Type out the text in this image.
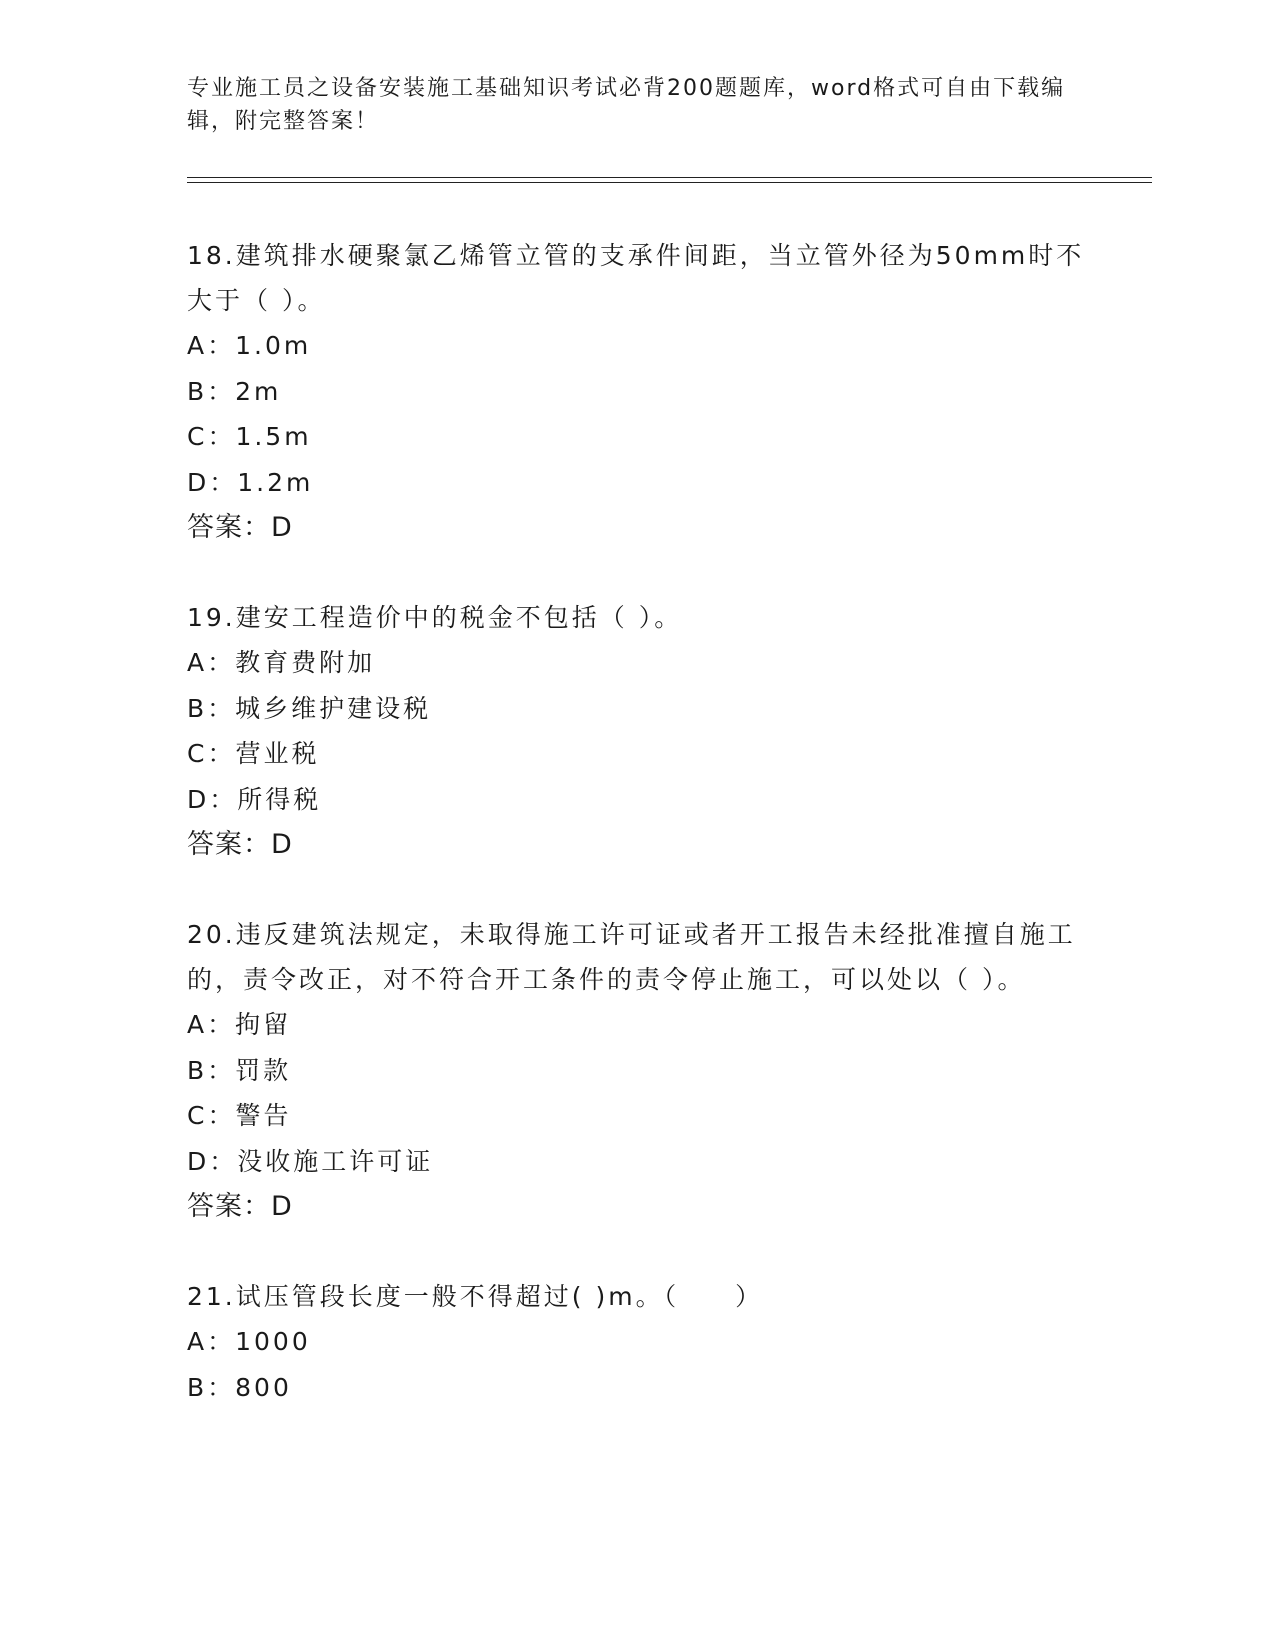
专业施工员之设备安装施工基础知识考试必背200题题库，word格式可自由下载编辑，附完整答案！
18.建筑排水硬聚氯乙烯管立管的支承件间距，当立管外径为50mm时不大于（ ）。
A：1.0m
B：2m
C：1.5m
D：1.2m
答案：D
19.建安工程造价中的税金不包括（ ）。
A：教育费附加
B：城乡维护建设税
C：营业税
D：所得税
答案：D
20.违反建筑法规定，未取得施工许可证或者开工报告未经批准擅自施工的，责令改正，对不符合开工条件的责令停止施工，可以处以（ ）。
A：拘留
B：罚款
C：警告
D：没收施工许可证
答案：D
21.试压管段长度一般不得超过( )m。（　　）
A：1000
B：800
